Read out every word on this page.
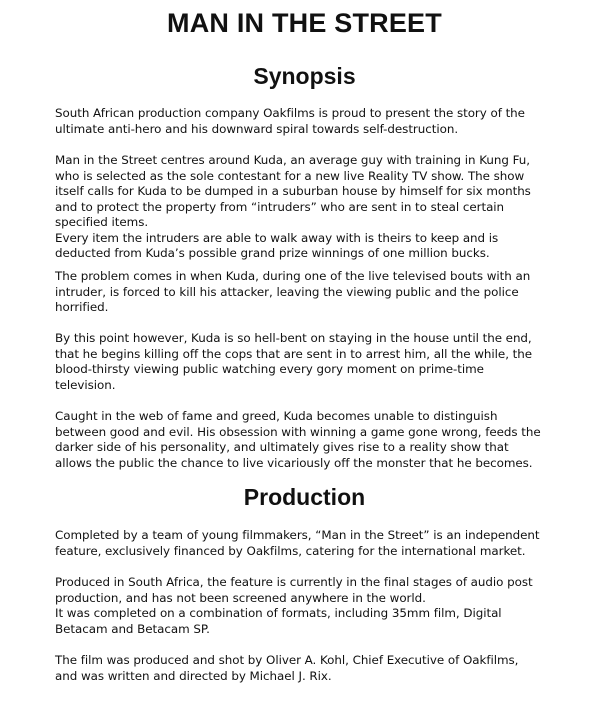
MAN IN THE STREET
Synopsis

South African production company Oakfilms is proud to present the story of the
ultimate anti-hero and his downward spiral towards self-destruction.

Man in the Street centres around Kuda, an average guy with training in Kung Fu,
who is selected as the sole contestant for a new live Reality TV show. The show
itself calls for Kuda to be dumped in a suburban house by himself for six months
and to protect the property from “intruders” who are sent in to steal certain
specified items.
Every item the intruders are able to walk away with is theirs to keep and is
deducted from Kuda’s possible grand prize winnings of one million bucks.

The problem comes in when Kuda, during one of the live televised bouts with an
intruder, is forced to kill his attacker, leaving the viewing public and the police
horrified.

By this point however, Kuda is so hell-bent on staying in the house until the end,
that he begins killing off the cops that are sent in to arrest him, all the while, the
blood-thirsty viewing public watching every gory moment on prime-time
television.

Caught in the web of fame and greed, Kuda becomes unable to distinguish
between good and evil. His obsession with winning a game gone wrong, feeds the
darker side of his personality, and ultimately gives rise to a reality show that
allows the public the chance to live vicariously off the monster that he becomes.

Production

Completed by a team of young filmmakers, “Man in the Street” is an independent
feature, exclusively financed by Oakfilms, catering for the international market.

Produced in South Africa, the feature is currently in the final stages of audio post
production, and has not been screened anywhere in the world.
It was completed on a combination of formats, including 35mm film, Digital
Betacam and Betacam SP.

The film was produced and shot by Oliver A. Kohl, Chief Executive of Oakfilms,
and was written and directed by Michael J. Rix.
